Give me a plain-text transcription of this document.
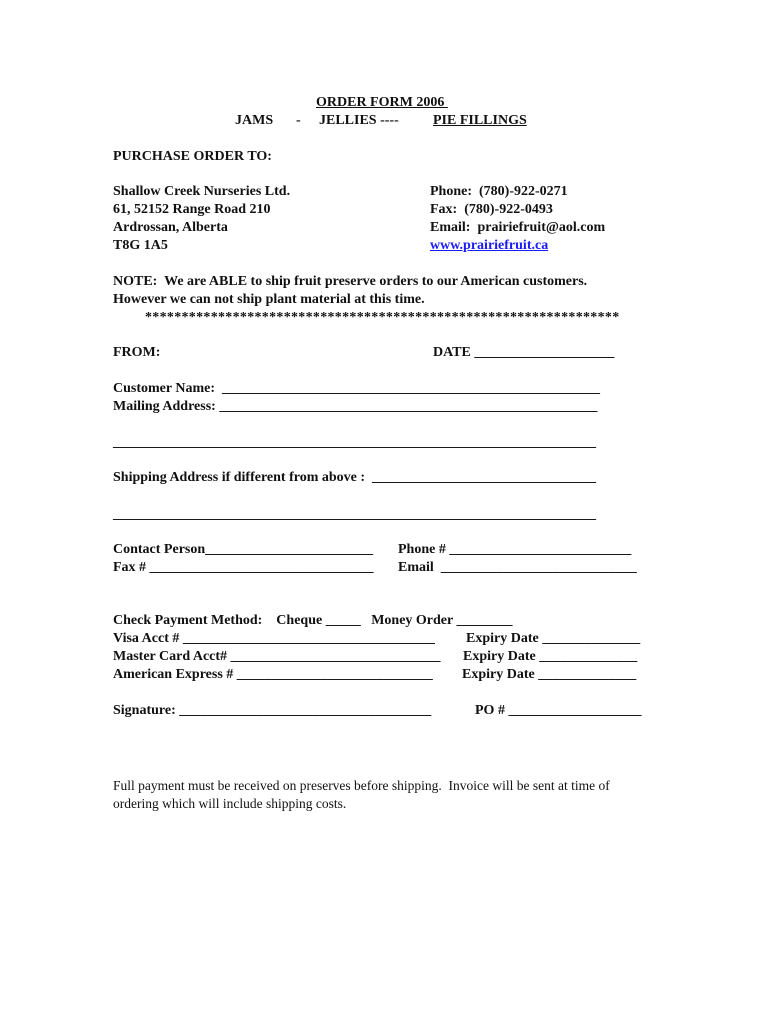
ORDER FORM 2006
JAMS - JELLIES ---- PIE FILLINGS
PURCHASE ORDER TO:
Shallow Creek Nurseries Ltd.
61, 52152 Range Road 210
Ardrossan, Alberta
T8G 1A5
Phone:  (780)-922-0271
Fax:  (780)-922-0493
Email:  prairiefruit@aol.com
www.prairiefruit.ca
NOTE:  We are ABLE to ship fruit preserve orders to our American customers.
However we can not ship plant material at this time.
*****************************************************************
FROM:	DATE ____________________
Customer Name:  ______________________________________________________
Mailing Address: ______________________________________________________
_____________________________________________________________________
Shipping Address if different from above :  ________________________________
_____________________________________________________________________
Contact Person________________________ Phone # __________________________
Fax # ________________________________ Email  ____________________________
Check Payment Method:    Cheque _____   Money Order ________
Visa Acct # ____________________________________ Expiry Date ______________
Master Card Acct# ______________________________ Expiry Date ______________
American Express # ____________________________ Expiry Date ______________
Signature: ____________________________________	PO # ___________________
Full payment must be received on preserves before shipping.  Invoice will be sent at time of
ordering which will include shipping costs.
